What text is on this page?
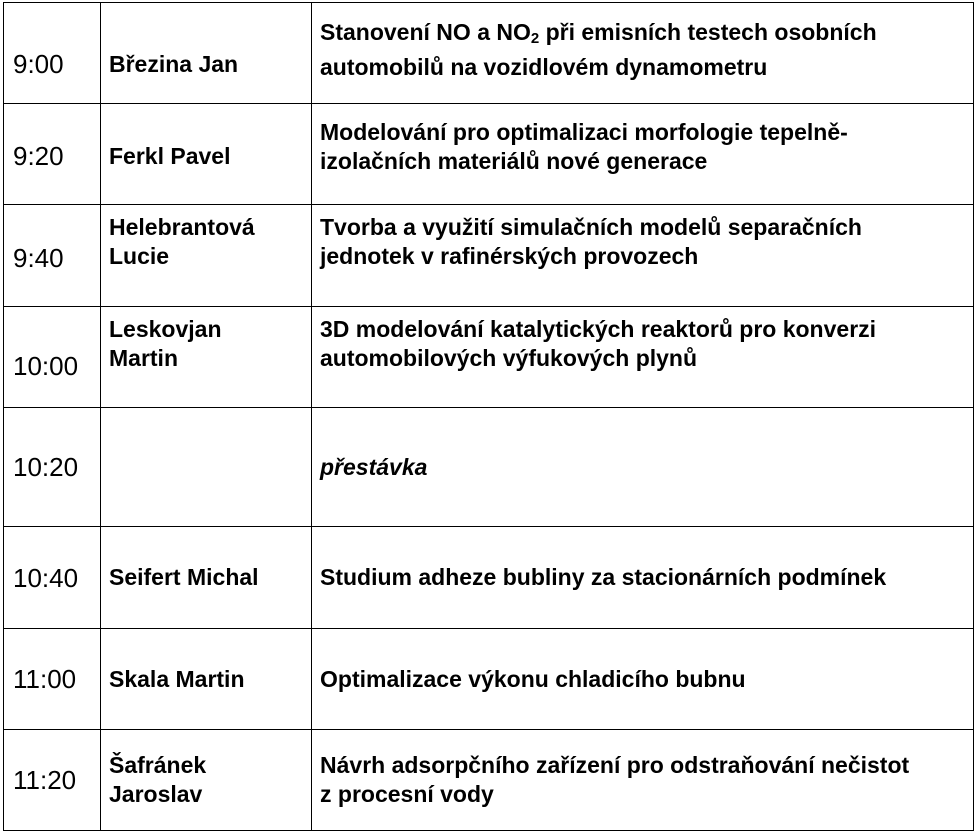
9:00	Březina Jan	Stanovení NO a $NO_2$ při emisních testech osobních
automobilů na vozidlovém dynamometru

9:20	Ferkl Pavel	Modelování pro optimalizaci morfologie tepelně-
izolačních materiálů nové generace

9:40	Helebrantová
Lucie	Tvorba a využití simulačních modelů separačních
jednotek v rafinérských provozech

10:00	Leskovjan
Martin	3D modelování katalytických reaktorů pro konverzi
automobilových výfukových plynů

10:20		přestávka

10:40	Seifert Michal	Studium adheze bubliny za stacionárních podmínek

11:00	Skala Martin	Optimalizace výkonu chladicího bubnu

11:20	Šafránek
Jaroslav	Návrh adsorpčního zařízení pro odstraňování nečistot
z procesní vody
